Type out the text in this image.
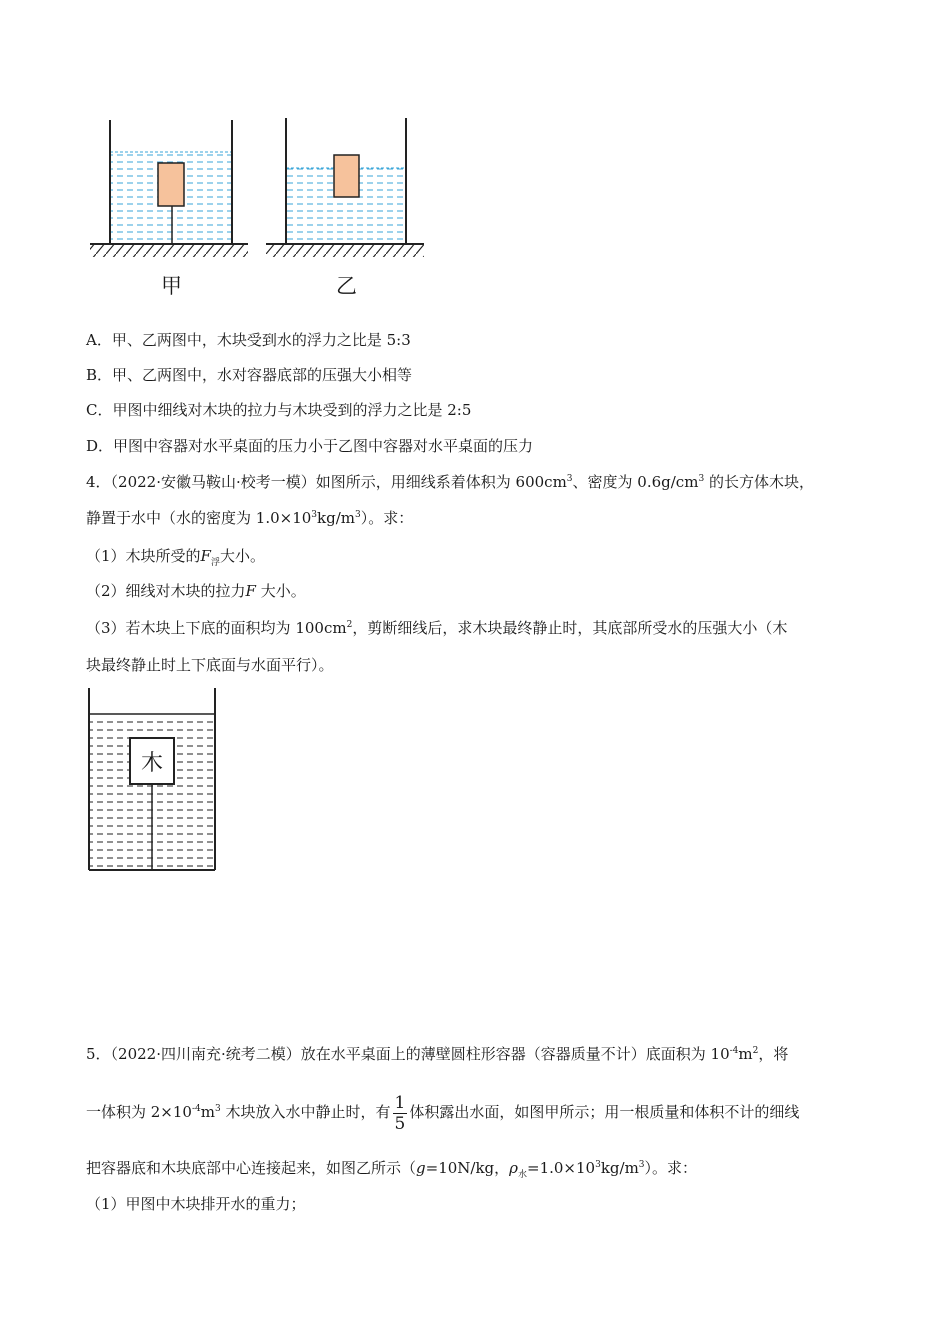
甲	乙
A．甲、乙两图中，木块受到水的浮力之比是 5:3
B．甲、乙两图中，水对容器底部的压强大小相等
C．甲图中细线对木块的拉力与木块受到的浮力之比是 2:5
D．甲图中容器对水平桌面的压力小于乙图中容器对水平桌面的压力
4．（2022·安徽马鞍山·校考一模）如图所示，用细线系着体积为 $600cm^3$、密度为 $0.6g/cm^3$ 的长方体木块，
静置于水中（水的密度为 $1.0\times 10^3kg/m^3$）。求：
（1）木块所受的$F_浮$大小。
（2）细线对木块的拉力F 大小。
（3）若木块上下底的面积均为 $100cm^2$，剪断细线后，求木块最终静止时，其底部所受水的压强大小（木
块最终静止时上下底面与水面平行）。
木
5．（2022·四川南充·统考二模）放在水平桌面上的薄壁圆柱形容器（容器质量不计）底面积为 $10^{-4}m^2$，将
一体积为 $2\times 10^{-4}m^3$ 木块放入水中静止时，有 $\frac{1}{5}$ 体积露出水面，如图甲所示；用一根质量和体积不计的细线
把容器底和木块底部中心连接起来，如图乙所示（g=10N/kg，$\rho_水=1.0\times 10^3kg/m^3$）。求：
（1）甲图中木块排开水的重力；
